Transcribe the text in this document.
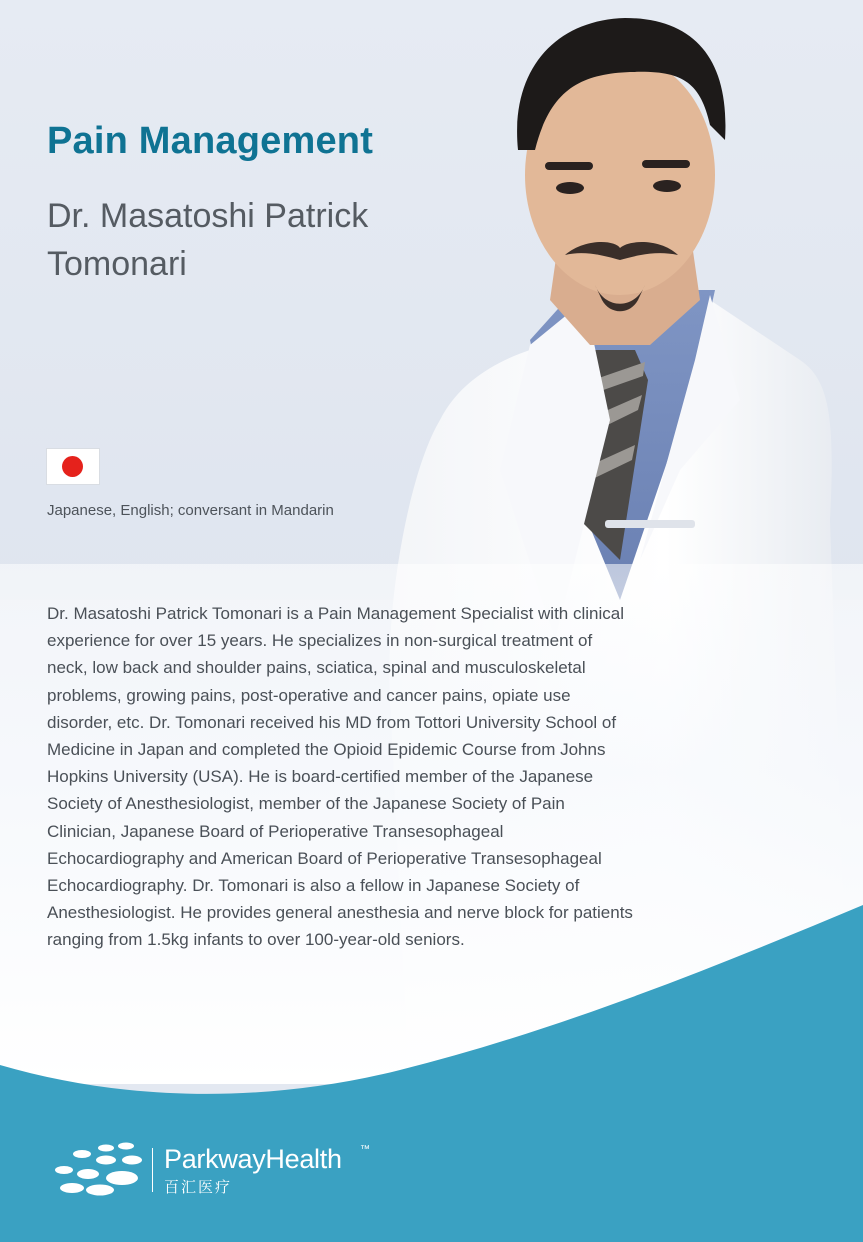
Pain Management
Dr. Masatoshi Patrick Tomonari

Japanese, English; conversant in Mandarin

Dr. Masatoshi Patrick Tomonari is a Pain Management Specialist with clinical experience for over 15 years. He specializes in non-surgical treatment of neck, low back and shoulder pains, sciatica, spinal and musculoskeletal problems, growing pains, post-operative and cancer pains, opiate use disorder, etc. Dr. Tomonari received his MD from Tottori University School of Medicine in Japan and completed the Opioid Epidemic Course from Johns Hopkins University (USA). He is board-certified member of the Japanese Society of Anesthesiologist, member of the Japanese Society of Pain Clinician, Japanese Board of Perioperative Transesophageal Echocardiography and American Board of Perioperative Transesophageal Echocardiography. Dr. Tomonari is also a fellow in Japanese Society of Anesthesiologist. He provides general anesthesia and nerve block for patients ranging from 1.5kg infants to over 100-year-old seniors.

ParkwayHealth ™
百汇医疗
